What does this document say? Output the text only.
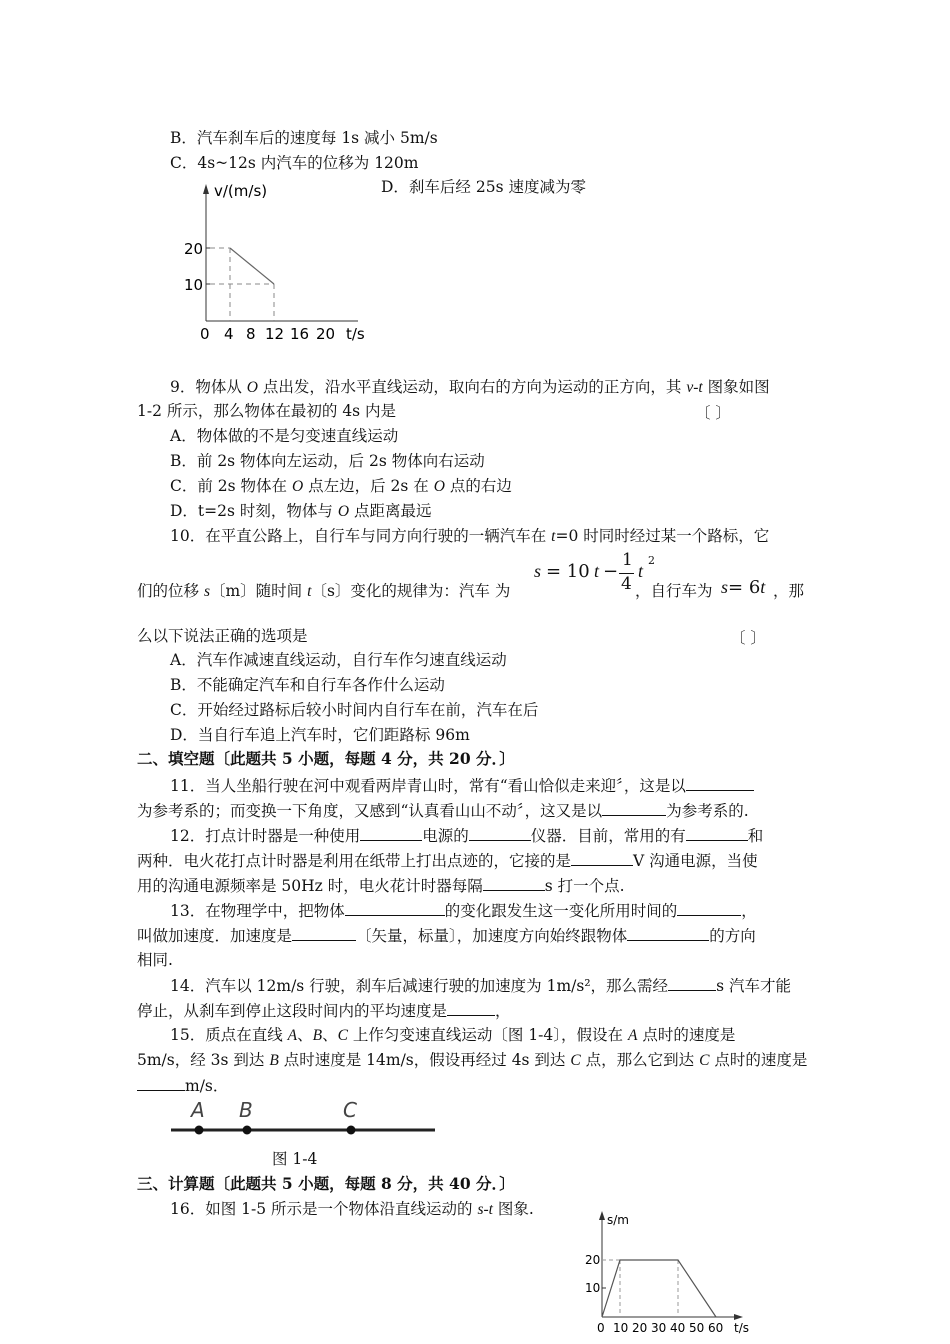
B．汽车刹车后的速度每 1s 减小 5m/s
C．4s~12s 内汽车的位移为 120m
D．刹车后经 25s 速度减为零
v/(m/s)
20
10
0 4 8 12 16 20 t/s
9．物体从 O 点出发，沿水平直线运动，取向右的方向为运动的正方向，其 v-t 图象如图
1-2 所示，那么物体在最初的 4s 内是	〔 〕
A．物体做的不是匀变速直线运动
B．前 2s 物体向左运动，后 2s 物体向右运动
C．前 2s 物体在 O 点左边，后 2s 在 O 点的右边
D．t=2s 时刻，物体与 O 点距离最远
10．在平直公路上，自行车与同方向行驶的一辆汽车在 t=0 时同时经过某一个路标，它
们的位移 s〔m〕随时间 t〔s〕变化的规律为：汽车 为
s = 10 t −
1
4
t
2
，自行车为 s= 6t ，那
么以下说法正确的选项是	〔 〕
A．汽车作减速直线运动，自行车作匀速直线运动
B．不能确定汽车和自行车各作什么运动
C．开始经过路标后较小时间内自行车在前，汽车在后
D．当自行车追上汽车时，它们距路标 96m
二、填空题〔此题共 5 小题，每题 4 分，共 20 分．〕
11．当人坐船行驶在河中观看两岸青山时，常有“看山恰似走来迎〞，这是以
为参考系的；而变换一下角度，又感到“认真看山山不动〞，这又是以	为参考系的.
12．打点计时器是一种使用	电源的	仪器．目前，常用的有	和
两种．电火花打点计时器是利用在纸带上打出点迹的，它接的是	V 沟通电源，当使
用的沟通电源频率是 50Hz 时，电火花计时器每隔	s 打一个点.
13．在物理学中，把物体	的变化跟发生这一变化所用时间的	，
叫做加速度．加速度是	〔矢量，标量〕，加速度方向始终跟物体	的方向
相同.
14．汽车以 12m/s 行驶，刹车后减速行驶的加速度为 1m/s²，那么需经	s 汽车才能
停止，从刹车到停止这段时间内的平均速度是	，
15．质点在直线 A、B、C 上作匀变速直线运动〔图 1-4〕，假设在 A 点时的速度是
5m/s，经 3s 到达 B 点时速度是 14m/s，假设再经过 4s 到达 C 点，那么它到达 C 点时的速度是
m/s．
A B	C
图 1-4
三、计算题〔此题共 5 小题，每题 8 分，共 40 分．〕
16．如图 1-5 所示是一个物体沿直线运动的 s-t 图象.
s/m
20
10
0 10 20 30 40 50 60 t/s
